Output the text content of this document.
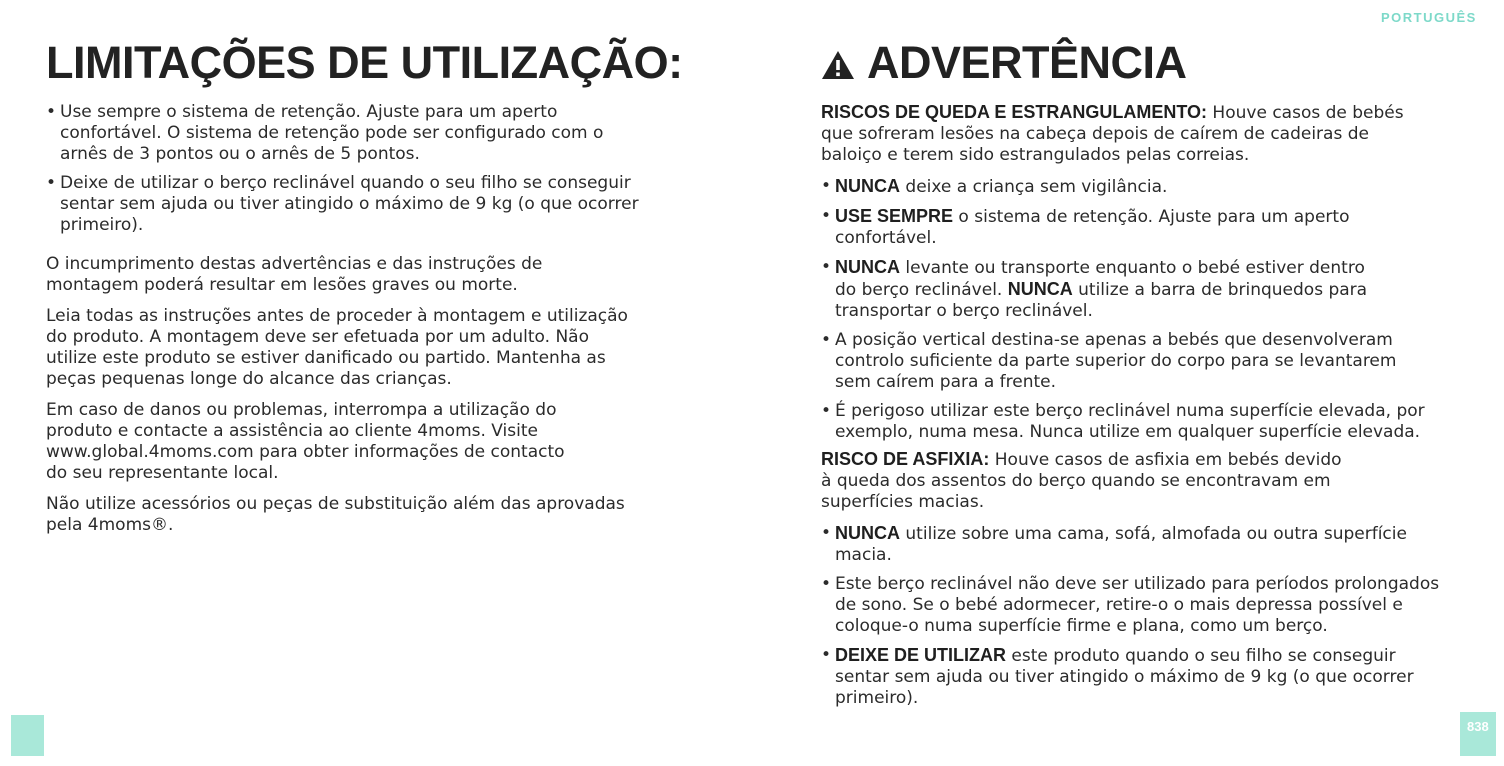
PORTUGUÊS
LIMITAÇÕES DE UTILIZAÇÃO:
• Use sempre o sistema de retenção. Ajuste para um aperto
confortável. O sistema de retenção pode ser configurado com o
arnês de 3 pontos ou o arnês de 5 pontos.
• Deixe de utilizar o berço reclinável quando o seu filho se conseguir
sentar sem ajuda ou tiver atingido o máximo de 9 kg (o que ocorrer
primeiro).
O incumprimento destas advertências e das instruções de
montagem poderá resultar em lesões graves ou morte.
Leia todas as instruções antes de proceder à montagem e utilização
do produto. A montagem deve ser efetuada por um adulto. Não
utilize este produto se estiver danificado ou partido. Mantenha as
peças pequenas longe do alcance das crianças.
Em caso de danos ou problemas, interrompa a utilização do
produto e contacte a assistência ao cliente 4moms. Visite
www.global.4moms.com para obter informações de contacto
do seu representante local.
Não utilize acessórios ou peças de substituição além das aprovadas
pela 4moms®.
ADVERTÊNCIA
RISCOS DE QUEDA E ESTRANGULAMENTO: Houve casos de bebés
que sofreram lesões na cabeça depois de caírem de cadeiras de
baloiço e terem sido estrangulados pelas correias.
• NUNCA deixe a criança sem vigilância.
• USE SEMPRE o sistema de retenção. Ajuste para um aperto
confortável.
• NUNCA levante ou transporte enquanto o bebé estiver dentro
do berço reclinável. NUNCA utilize a barra de brinquedos para
transportar o berço reclinável.
• A posição vertical destina-se apenas a bebés que desenvolveram
controlo suficiente da parte superior do corpo para se levantarem
sem caírem para a frente.
• É perigoso utilizar este berço reclinável numa superfície elevada, por
exemplo, numa mesa. Nunca utilize em qualquer superfície elevada.
RISCO DE ASFIXIA: Houve casos de asfixia em bebés devido
à queda dos assentos do berço quando se encontravam em
superfícies macias.
• NUNCA utilize sobre uma cama, sofá, almofada ou outra superfície
macia.
• Este berço reclinável não deve ser utilizado para períodos prolongados
de sono. Se o bebé adormecer, retire-o o mais depressa possível e
coloque-o numa superfície firme e plana, como um berço.
• DEIXE DE UTILIZAR este produto quando o seu filho se conseguir
sentar sem ajuda ou tiver atingido o máximo de 9 kg (o que ocorrer
primeiro).
838
